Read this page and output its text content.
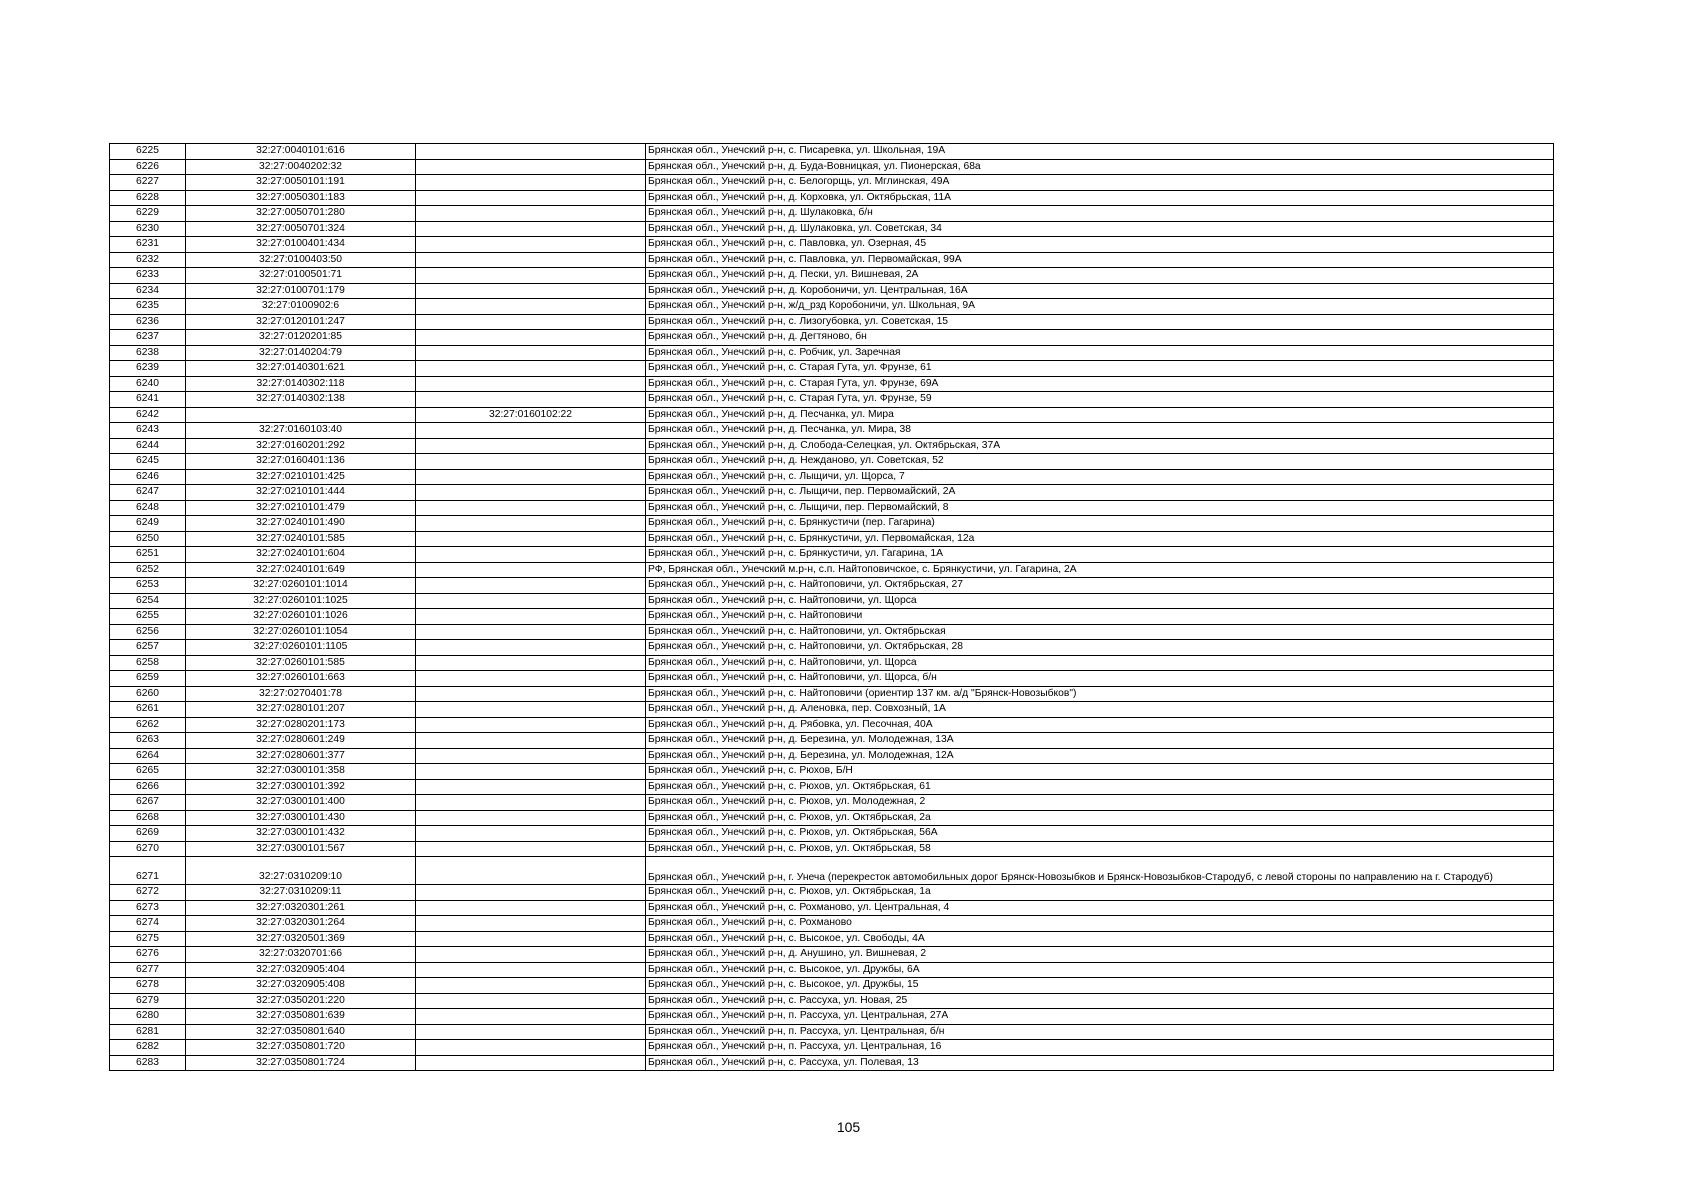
6225	32:27:0040101:616		Брянская обл., Унечский р-н, с. Писаревка, ул. Школьная, 19А
6226	32:27:0040202:32		Брянская обл., Унечский р-н, д. Буда-Вовницкая, ул. Пионерская, 68а
6227	32:27:0050101:191		Брянская обл., Унечский р-н, с. Белогорщь, ул. Мглинская, 49А
6228	32:27:0050301:183		Брянская обл., Унечский р-н, д. Корховка, ул. Октябрьская, 11А
6229	32:27:0050701:280		Брянская обл., Унечский р-н, д. Шулаковка, б/н
6230	32:27:0050701:324		Брянская обл., Унечский р-н, д. Шулаковка, ул. Советская, 34
6231	32:27:0100401:434		Брянская обл., Унечский р-н, с. Павловка, ул. Озерная, 45
6232	32:27:0100403:50		Брянская обл., Унечский р-н, с. Павловка, ул. Первомайская, 99А
6233	32:27:0100501:71		Брянская обл., Унечский р-н, д. Пески, ул. Вишневая, 2А
6234	32:27:0100701:179		Брянская обл., Унечский р-н, д. Коробоничи, ул. Центральная, 16А
6235	32:27:0100902:6		Брянская обл., Унечский р-н, ж/д_рзд Коробоничи, ул. Школьная, 9А
6236	32:27:0120101:247		Брянская обл., Унечский р-н, с. Лизогубовка, ул. Советская, 15
6237	32:27:0120201:85		Брянская обл., Унечский р-н, д. Дегтяново, бн
6238	32:27:0140204:79		Брянская обл., Унечский р-н, с. Робчик, ул. Заречная
6239	32:27:0140301:621		Брянская обл., Унечский р-н, с. Старая Гута, ул. Фрунзе, 61
6240	32:27:0140302:118		Брянская обл., Унечский р-н, с. Старая Гута, ул. Фрунзе, 69А
6241	32:27:0140302:138		Брянская обл., Унечский р-н, с. Старая Гута, ул. Фрунзе, 59
6242		32:27:0160102:22	Брянская обл., Унечский р-н, д. Песчанка, ул. Мира
6243	32:27:0160103:40		Брянская обл., Унечский р-н, д. Песчанка, ул. Мира, 38
6244	32:27:0160201:292		Брянская обл., Унечский р-н, д. Слобода-Селецкая, ул. Октябрьская, 37А
6245	32:27:0160401:136		Брянская обл., Унечский р-н, д. Нежданово, ул. Советская, 52
6246	32:27:0210101:425		Брянская обл., Унечский р-н, с. Лыщичи, ул. Щорса, 7
6247	32:27:0210101:444		Брянская обл., Унечский р-н, с. Лыщичи, пер. Первомайский, 2А
6248	32:27:0210101:479		Брянская обл., Унечский р-н, с. Лыщичи, пер. Первомайский, 8
6249	32:27:0240101:490		Брянская обл., Унечский р-н, с. Брянкустичи (пер. Гагарина)
6250	32:27:0240101:585		Брянская обл., Унечский р-н, с. Брянкустичи, ул. Первомайская, 12а
6251	32:27:0240101:604		Брянская обл., Унечский р-н, с. Брянкустичи, ул. Гагарина, 1А
6252	32:27:0240101:649		РФ, Брянская обл., Унечский м.р-н, с.п. Найтоповичское, с. Брянкустичи, ул. Гагарина, 2А
6253	32:27:0260101:1014		Брянская обл., Унечский р-н, с. Найтоповичи, ул. Октябрьская, 27
6254	32:27:0260101:1025		Брянская обл., Унечский р-н, с. Найтоповичи, ул. Щорса
6255	32:27:0260101:1026		Брянская обл., Унечский р-н, с. Найтоповичи
6256	32:27:0260101:1054		Брянская обл., Унечский р-н, с. Найтоповичи, ул. Октябрьская
6257	32:27:0260101:1105		Брянская обл., Унечский р-н, с. Найтоповичи, ул. Октябрьская, 28
6258	32:27:0260101:585		Брянская обл., Унечский р-н, с. Найтоповичи, ул. Щорса
6259	32:27:0260101:663		Брянская обл., Унечский р-н, с. Найтоповичи, ул. Щорса, б/н
6260	32:27:0270401:78		Брянская обл., Унечский р-н, с. Найтоповичи (ориентир 137 км. а/д "Брянск-Новозыбков")
6261	32:27:0280101:207		Брянская обл., Унечский р-н, д. Аленовка, пер. Совхозный, 1А
6262	32:27:0280201:173		Брянская обл., Унечский р-н, д. Рябовка, ул. Песочная, 40А
6263	32:27:0280601:249		Брянская обл., Унечский р-н, д. Березина, ул. Молодежная, 13А
6264	32:27:0280601:377		Брянская обл., Унечский р-н, д. Березина, ул. Молодежная, 12А
6265	32:27:0300101:358		Брянская обл., Унечский р-н, с. Рюхов, Б/Н
6266	32:27:0300101:392		Брянская обл., Унечский р-н, с. Рюхов, ул. Октябрьская, 61
6267	32:27:0300101:400		Брянская обл., Унечский р-н, с. Рюхов, ул. Молодежная, 2
6268	32:27:0300101:430		Брянская обл., Унечский р-н, с. Рюхов, ул. Октябрьская, 2а
6269	32:27:0300101:432		Брянская обл., Унечский р-н, с. Рюхов, ул. Октябрьская, 56А
6270	32:27:0300101:567		Брянская обл., Унечский р-н, с. Рюхов, ул. Октябрьская, 58
6271	32:27:0310209:10		Брянская обл., Унечский р-н, г. Унеча (перекресток автомобильных дорог Брянск-Новозыбков и Брянск-Новозыбков-Стародуб, с левой стороны по направлению на г. Стародуб)
6272	32:27:0310209:11		Брянская обл., Унечский р-н, с. Рюхов, ул. Октябрьская, 1а
6273	32:27:0320301:261		Брянская обл., Унечский р-н, с. Рохманово, ул. Центральная, 4
6274	32:27:0320301:264		Брянская обл., Унечский р-н, с. Рохманово
6275	32:27:0320501:369		Брянская обл., Унечский р-н, с. Высокое, ул. Свободы, 4А
6276	32:27:0320701:66		Брянская обл., Унечский р-н, д. Анушино, ул. Вишневая, 2
6277	32:27:0320905:404		Брянская обл., Унечский р-н, с. Высокое, ул. Дружбы, 6А
6278	32:27:0320905:408		Брянская обл., Унечский р-н, с. Высокое, ул. Дружбы, 15
6279	32:27:0350201:220		Брянская обл., Унечский р-н, с. Рассуха, ул. Новая, 25
6280	32:27:0350801:639		Брянская обл., Унечский р-н, п. Рассуха, ул. Центральная, 27А
6281	32:27:0350801:640		Брянская обл., Унечский р-н, п. Рассуха, ул. Центральная, б/н
6282	32:27:0350801:720		Брянская обл., Унечский р-н, п. Рассуха, ул. Центральная, 16
6283	32:27:0350801:724		Брянская обл., Унечский р-н, с. Рассуха, ул. Полевая, 13
105
